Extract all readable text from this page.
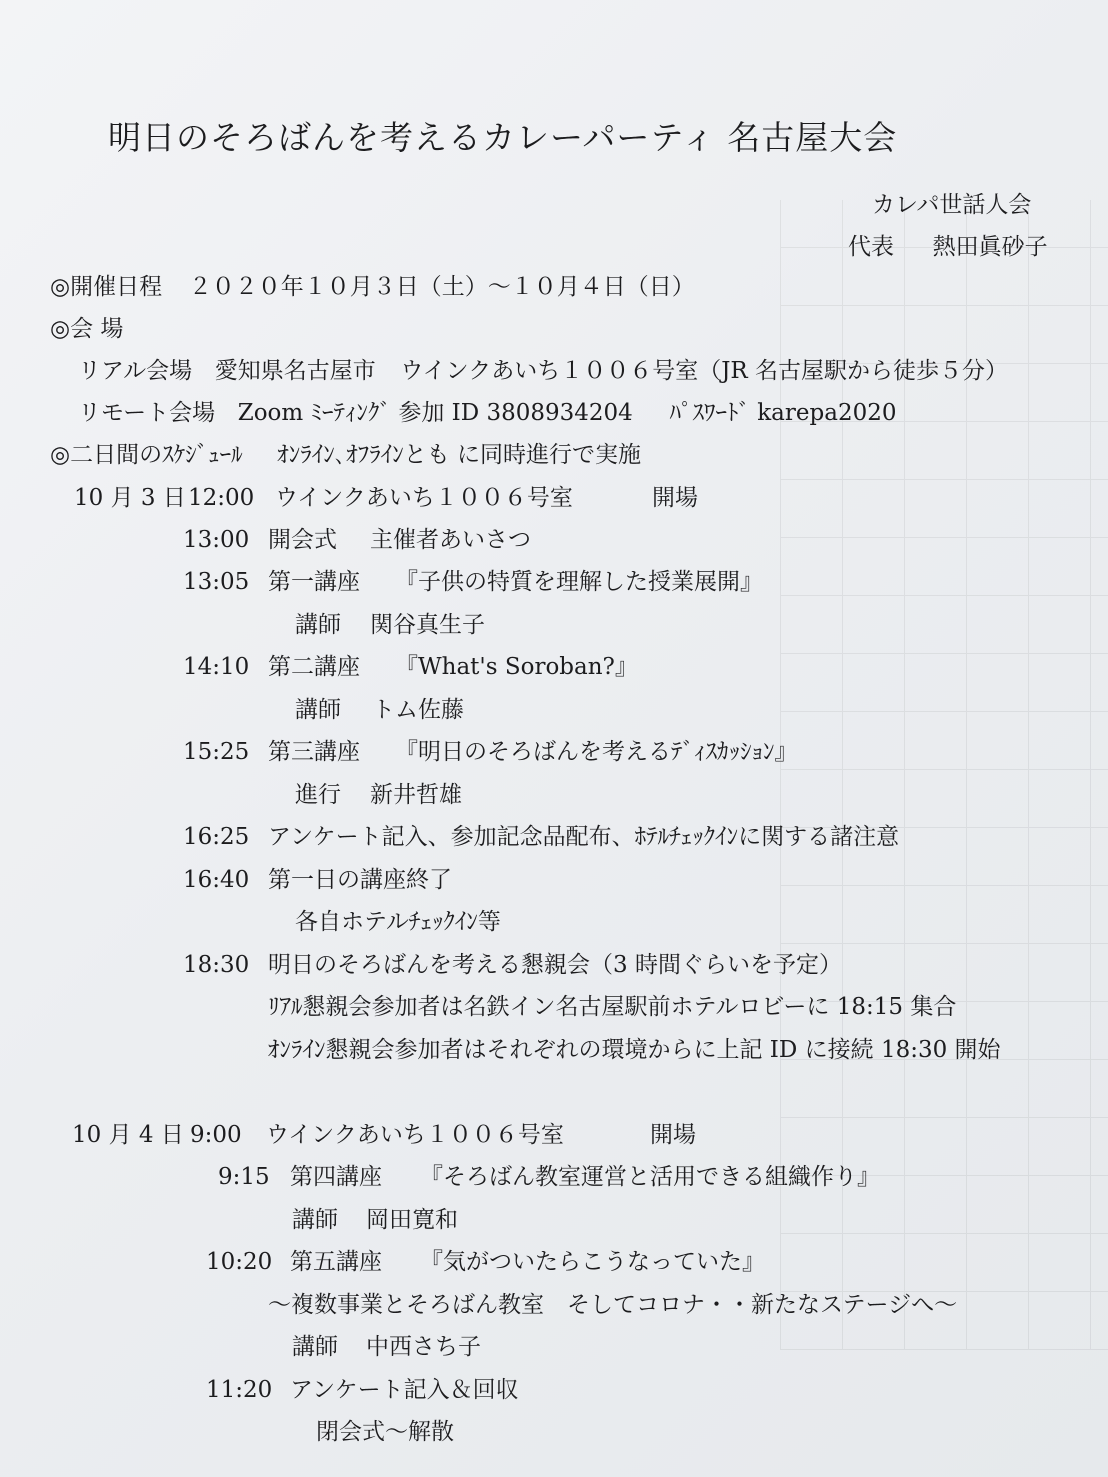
明日のそろばんを考えるカレーパーティ 名古屋大会
カレパ世話人会
代表 熱田眞砂子
◎開催日程 ２０２０年１０月３日（土）～１０月４日（日）
◎会 場
リアル会場 愛知県名古屋市 ウインクあいち１００６号室（JR 名古屋駅から徒歩５分）
リモート会場 Zoom ﾐｰﾃｨﾝｸﾞ 参加 ID 3808934204 ﾊﾟｽﾜｰﾄﾞ karepa2020
◎二日間のｽｹｼﾞｭｰﾙ ｵﾝﾗｲﾝ､ｵﾌﾗｲﾝとも に同時進行で実施
10 月 3 日 12:00 ウインクあいち１００６号室	開場
13:00 開会式 主催者あいさつ
13:05 第一講座 『子供の特質を理解した授業展開』
講師 関谷真生子
14:10 第二講座 『What's Soroban?』
講師 トム佐藤
15:25 第三講座 『明日のそろばんを考えるﾃﾞｨｽｶｯｼｮﾝ』
進行 新井哲雄
16:25 アンケート記入、参加記念品配布、ﾎﾃﾙﾁｪｯｸｲﾝに関する諸注意
16:40 第一日の講座終了
各自ホテルﾁｪｯｸｲﾝ等
18:30 明日のそろばんを考える懇親会（3 時間ぐらいを予定）
ﾘｱﾙ懇親会参加者は名鉄イン名古屋駅前ホテルロビーに 18:15 集合
ｵﾝﾗｲﾝ懇親会参加者はそれぞれの環境からに上記 ID に接続 18:30 開始
10 月 4 日 9:00 ウインクあいち１００６号室	開場
9:15 第四講座 『そろばん教室運営と活用できる組織作り』
講師 岡田寛和
10:20 第五講座 『気がついたらこうなっていた』
～複数事業とそろばん教室　そしてコロナ・・新たなステージへ～
講師 中西さち子
11:20 アンケート記入＆回収
閉会式～解散
